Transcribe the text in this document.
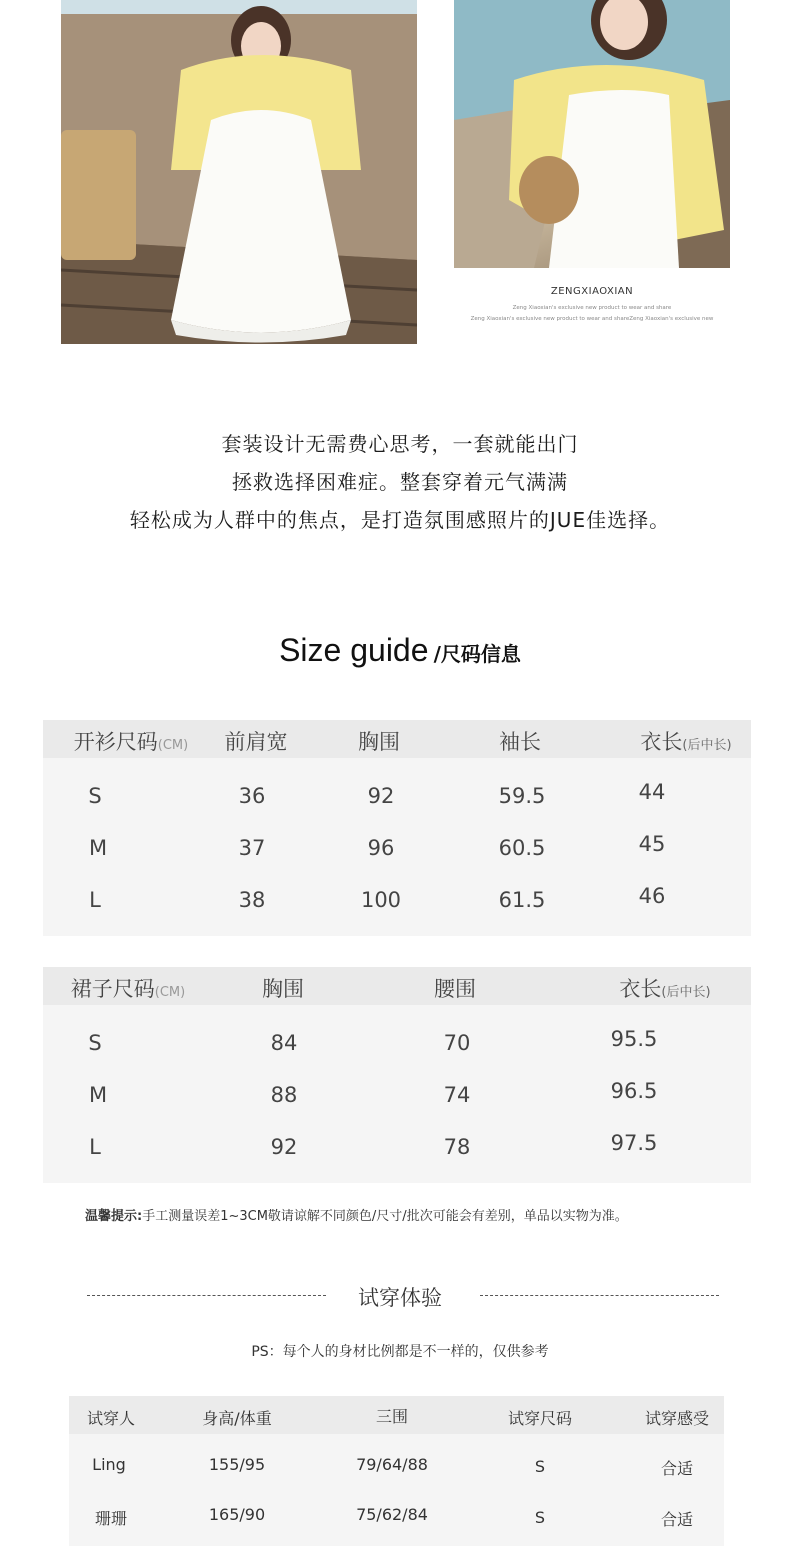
ZENGXIAOXIAN
Zeng Xiaoxian's exclusive new product to wear and share
Zeng Xiaoxian's exclusive new product to wear and shareZeng Xiaoxian's exclusive new
套装设计无需费心思考，一套就能出门
拯救选择困难症。整套穿着元气满满
轻松成为人群中的焦点，是打造氛围感照片的JUE佳选择。
Size guide /尺码信息
开衫尺码(CM) 前肩宽	胸围	袖长	衣长(后中长)
S	36	92	59.5	44
M	37	96	60.5	45
L	38	100	61.5	46
裙子尺码(CM)	胸围	腰围	衣长(后中长)
S	84	70	95.5
M	88	74	96.5
L	92	78	97.5
温馨提示:手工测量误差1~3CM敬请谅解不同颜色/尺寸/批次可能会有差别，单品以实物为准。
试穿体验
PS：每个人的身材比例都是不一样的，仅供参考
试穿人	身高/体重	三围	试穿尺码	试穿感受
Ling	155/95	79/64/88	S	合适
珊珊	165/90	75/62/84	S	合适
